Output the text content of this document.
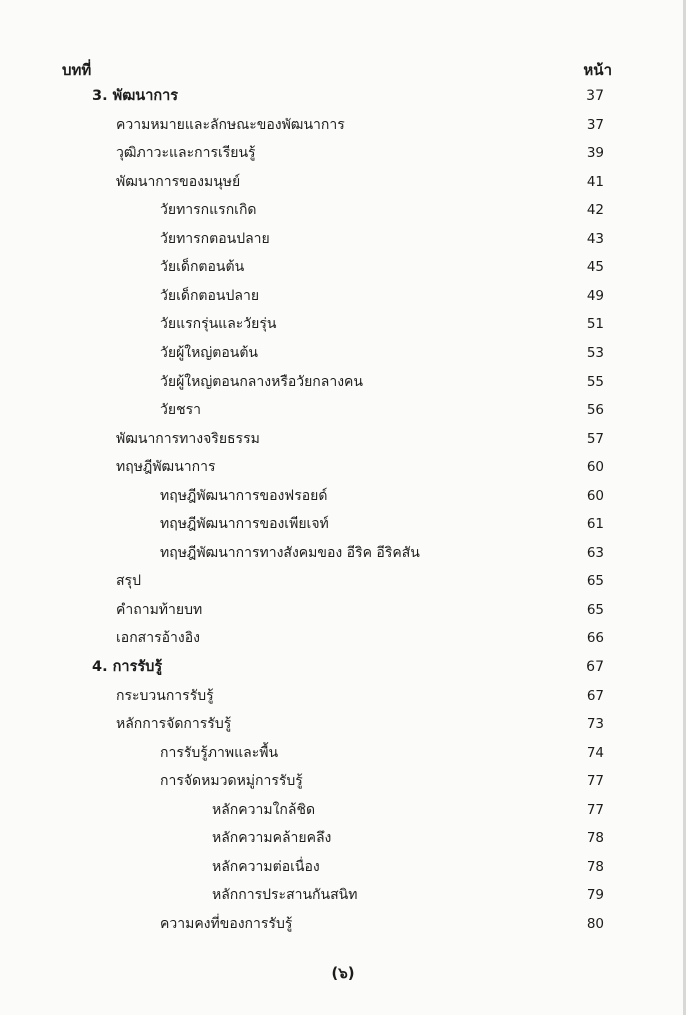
บทที่	หน้า
3. พัฒนาการ	37
ความหมายและลักษณะของพัฒนาการ	37
วุฒิภาวะและการเรียนรู้	39
พัฒนาการของมนุษย์	41
วัยทารกแรกเกิด	42
วัยทารกตอนปลาย	43
วัยเด็กตอนต้น	45
วัยเด็กตอนปลาย	49
วัยแรกรุ่นและวัยรุ่น	51
วัยผู้ใหญ่ตอนต้น	53
วัยผู้ใหญ่ตอนกลางหรือวัยกลางคน	55
วัยชรา	56
พัฒนาการทางจริยธรรม	57
ทฤษฎีพัฒนาการ	60
ทฤษฎีพัฒนาการของฟรอยด์	60
ทฤษฎีพัฒนาการของเพียเจท์	61
ทฤษฎีพัฒนาการทางสังคมของ อีริค อีริคสัน	63
สรุป	65
คำถามท้ายบท	65
เอกสารอ้างอิง	66
4. การรับรู้	67
กระบวนการรับรู้	67
หลักการจัดการรับรู้	73
การรับรู้ภาพและพื้น	74
การจัดหมวดหมู่การรับรู้	77
หลักความใกล้ชิด	77
หลักความคล้ายคลึง	78
หลักความต่อเนื่อง	78
หลักการประสานกันสนิท	79
ความคงที่ของการรับรู้	80
(๖)
